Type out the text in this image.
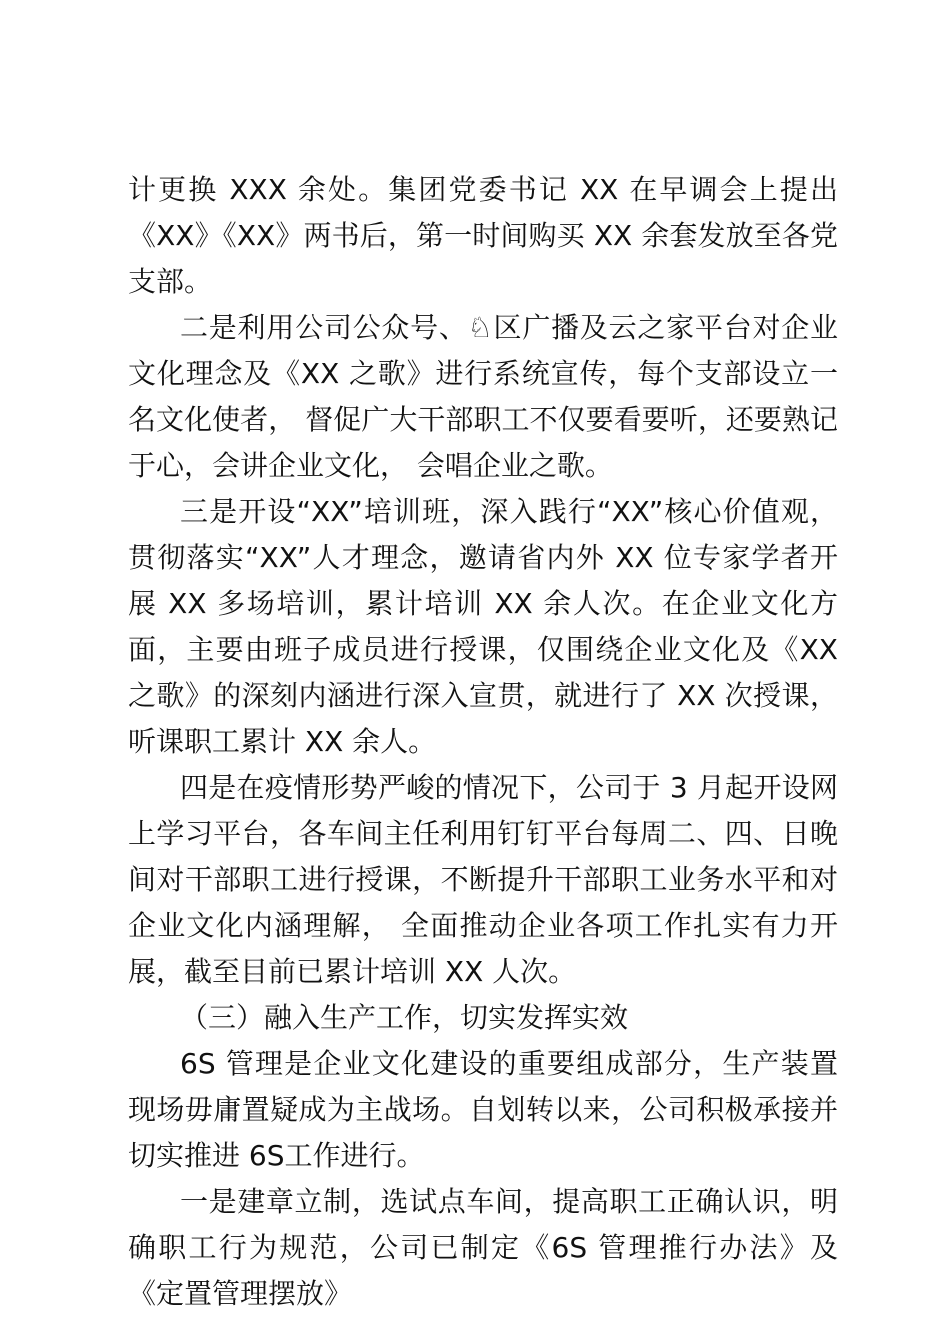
计更换 XXX 余处。集团党委书记 XX 在早调会上提出《XX》《XX》两书后，第一时间购买 XX 余套发放至各党支部。

二是利用公司公众号、♘区广播及云之家平台对企业文化理念及《XX 之歌》进行系统宣传，每个支部设立一名文化使者， 督促广大干部职工不仅要看要听，还要熟记于心，会讲企业文化， 会唱企业之歌。

三是开设“XX”培训班，深入践行“XX”核心价值观，贯彻落实“XX”人才理念，邀请省内外 XX 位专家学者开展 XX 多场培训，累计培训 XX 余人次。在企业文化方面，主要由班子成员进行授课，仅围绕企业文化及《XX 之歌》的深刻内涵进行深入宣贯，就进行了 XX 次授课，听课职工累计 XX 余人。

四是在疫情形势严峻的情况下，公司于 3 月起开设网上学习平台，各车间主任利用钉钉平台每周二、四、日晚间对干部职工进行授课，不断提升干部职工业务水平和对企业文化内涵理解， 全面推动企业各项工作扎实有力开展，截至目前已累计培训 XX 人次。

（三）融入生产工作，切实发挥实效

6S 管理是企业文化建设的重要组成部分，生产装置现场毋庸置疑成为主战场。自划转以来，公司积极承接并切实推进 6S工作进行。

一是建章立制，选试点车间，提高职工正确认识，明确职工行为规范，公司已制定《6S 管理推行办法》及《定置管理摆放》
